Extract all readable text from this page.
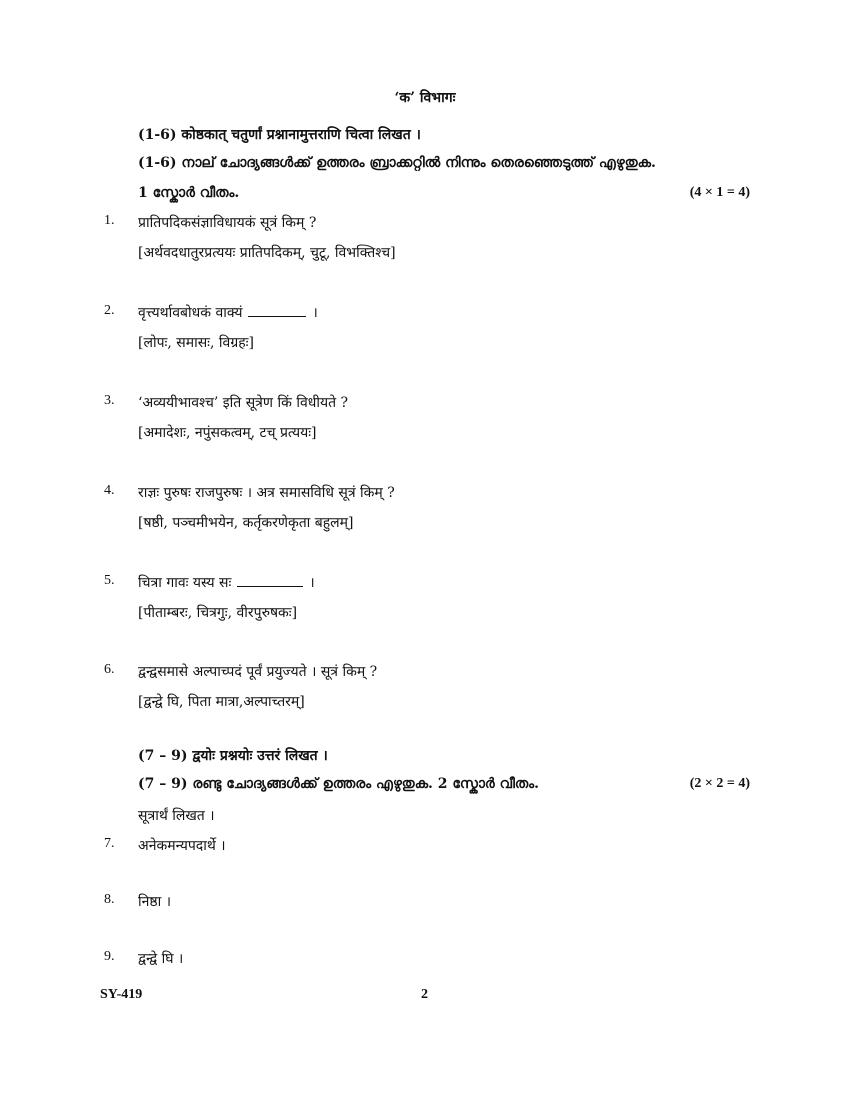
‘क’ विभागः
(1-6) कोष्ठकात् चतुर्णां प्रश्नानामुत्तराणि चित्वा लिखत ।
(1-6) നാല് ചോദ്യങ്ങൾക്ക് ഉത്തരം ബ്രാക്കറ്റിൽ നിന്നും തെരഞ്ഞെടുത്ത് എഴുതുക.
1 സ്കോർ വീതം.	(4 × 1 = 4)
1. प्रातिपदिकसंज्ञाविधायकं सूत्रं किम् ?
[अर्थवदधातुरप्रत्ययः प्रातिपदिकम्, चुटू, विभक्तिश्च]
2. वृत्त्यर्थावबोधकं वाक्यं	।
[लोपः, समासः, विग्रहः]
3. ‘अव्ययीभावश्च’ इति सूत्रेण किं विधीयते ?
[अमादेशः, नपुंसकत्वम्, टच् प्रत्ययः]
4. राज्ञः पुरुषः राजपुरुषः । अत्र समासविधि सूत्रं किम् ?
[षष्ठी, पञ्चमीभयेन, कर्तृकरणेकृता बहुलम्]
5. चित्रा गावः यस्य सः	।
[पीताम्बरः, चित्रगुः, वीरपुरुषकः]
6. द्वन्द्वसमासे अल्पाच्पदं पूर्वं प्रयुज्यते । सूत्रं किम् ?
[द्वन्द्वे घि, पिता मात्रा,अल्पाच्तरम्]
(7 – 9) द्वयोः प्रश्नयोः उत्तरं लिखत ।
(7 – 9) രണ്ടു ചോദ്യങ്ങൾക്ക് ഉത്തരം എഴുതുക. 2 സ്കോർ വീതം.	(2 × 2 = 4)
सूत्रार्थं लिखत ।
7. अनेकमन्यपदार्थे ।
8. निष्ठा ।
9. द्वन्द्वे घि ।
SY-419	2
